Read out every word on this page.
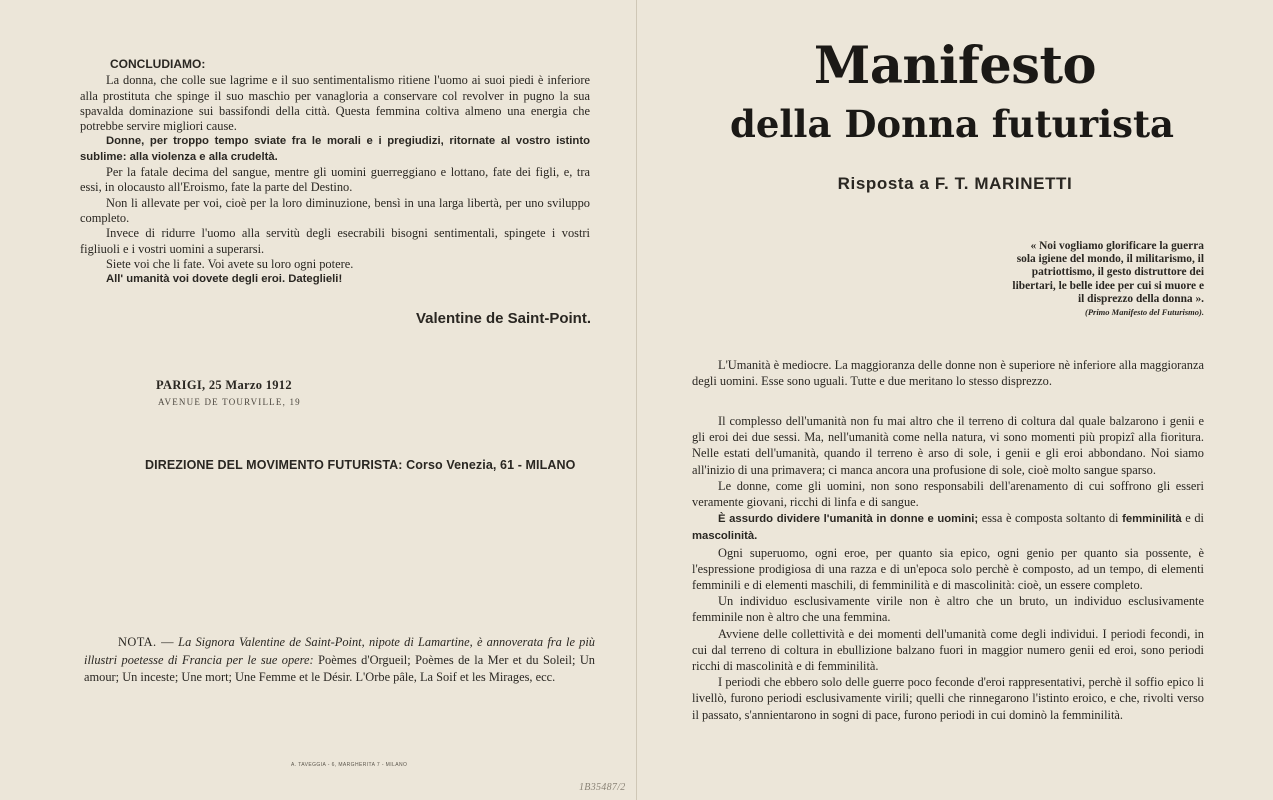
CONCLUDIAMO:

La donna, che colle sue lagrime e il suo sentimentalismo ritiene l'uomo ai suoi piedi è inferiore alla prostituta che spinge il suo maschio per vanagloria a conservare col revolver in pugno la sua spavalda dominazione sui bassifondi della città. Questa femmina coltiva almeno una energia che potrebbe servire migliori cause.

Donne, per troppo tempo sviate fra le morali e i pregiudizi, ritornate al vostro istinto sublime: alla violenza e alla crudeltà.

Per la fatale decima del sangue, mentre gli uomini guerreggiano e lottano, fate dei figli, e, tra essi, in olocausto all'Eroismo, fate la parte del Destino.

Non li allevate per voi, cioè per la loro diminuzione, bensì in una larga libertà, per uno sviluppo completo.

Invece di ridurre l'uomo alla servitù degli esecrabili bisogni sentimentali, spingete i vostri figliuoli e i vostri uomini a superarsi.

Siete voi che li fate. Voi avete su loro ogni potere.

All' umanità voi dovete degli eroi. Dateglieli!

Valentine de Saint-Point.
PARIGI, 25 Marzo 1912
AVENUE DE TOURVILLE, 19
DIREZIONE DEL MOVIMENTO FUTURISTA: Corso Venezia, 61 - MILANO
NOTA. — La Signora Valentine de Saint-Point, nipote di Lamartine, è annoverata fra le più illustri poetesse di Francia per le sue opere: Poèmes d'Orgueil; Poèmes de la Mer et du Soleil; Un amour; Un inceste; Une mort; Une Femme et le Désir. L'Orbe pâle, La Soif et les Mirages, ecc.
A. TAVEGGIA - 6, MARGHERITA 7 - MILANO
1B35487/2
Manifesto
della Donna futurista
Risposta a F. T. MARINETTI
« Noi vogliamo glorificare la guerra sola igiene del mondo, il militarismo, il patriottismo, il gesto distruttore dei libertari, le belle idee per cui si muore e il disprezzo della donna ».
(Primo Manifesto del Futurismo).

L'Umanità è mediocre. La maggioranza delle donne non è superiore nè inferiore alla maggioranza degli uomini. Esse sono uguali. Tutte e due meritano lo stesso disprezzo.

Il complesso dell'umanità non fu mai altro che il terreno di coltura dal quale balzarono i genii e gli eroi dei due sessi. Ma, nell'umanità come nella natura, vi sono momenti più propizî alla fioritura. Nelle estati dell'umanità, quando il terreno è arso di sole, i genii e gli eroi abbondano. Noi siamo all'inizio di una primavera; ci manca ancora una profusione di sole, cioè molto sangue sparso.

Le donne, come gli uomini, non sono responsabili dell'arenamento di cui soffrono gli esseri veramente giovani, ricchi di linfa e di sangue.

È assurdo dividere l'umanità in donne e uomini; essa è composta soltanto di femminilità e di mascolinità.

Ogni superuomo, ogni eroe, per quanto sia epico, ogni genio per quanto sia possente, è l'espressione prodigiosa di una razza e di un'epoca solo perchè è composto, ad un tempo, di elementi femminili e di elementi maschili, di femminilità e di mascolinità: cioè, un essere completo.

Un individuo esclusivamente virile non è altro che un bruto, un individuo esclusivamente femminile non è altro che una femmina.

Avviene delle collettività e dei momenti dell'umanità come degli individui. I periodi fecondi, in cui dal terreno di coltura in ebullizione balzano fuori in maggior numero genii ed eroi, sono periodi ricchi di mascolinità e di femminilità.

I periodi che ebbero solo delle guerre poco feconde d'eroi rappresentativi, perchè il soffio epico li livellò, furono periodi esclusivamente virili; quelli che rinnegarono l'istinto eroico, e che, rivolti verso il passato, s'annientarono in sogni di pace, furono periodi in cui dominò la femminilità.
